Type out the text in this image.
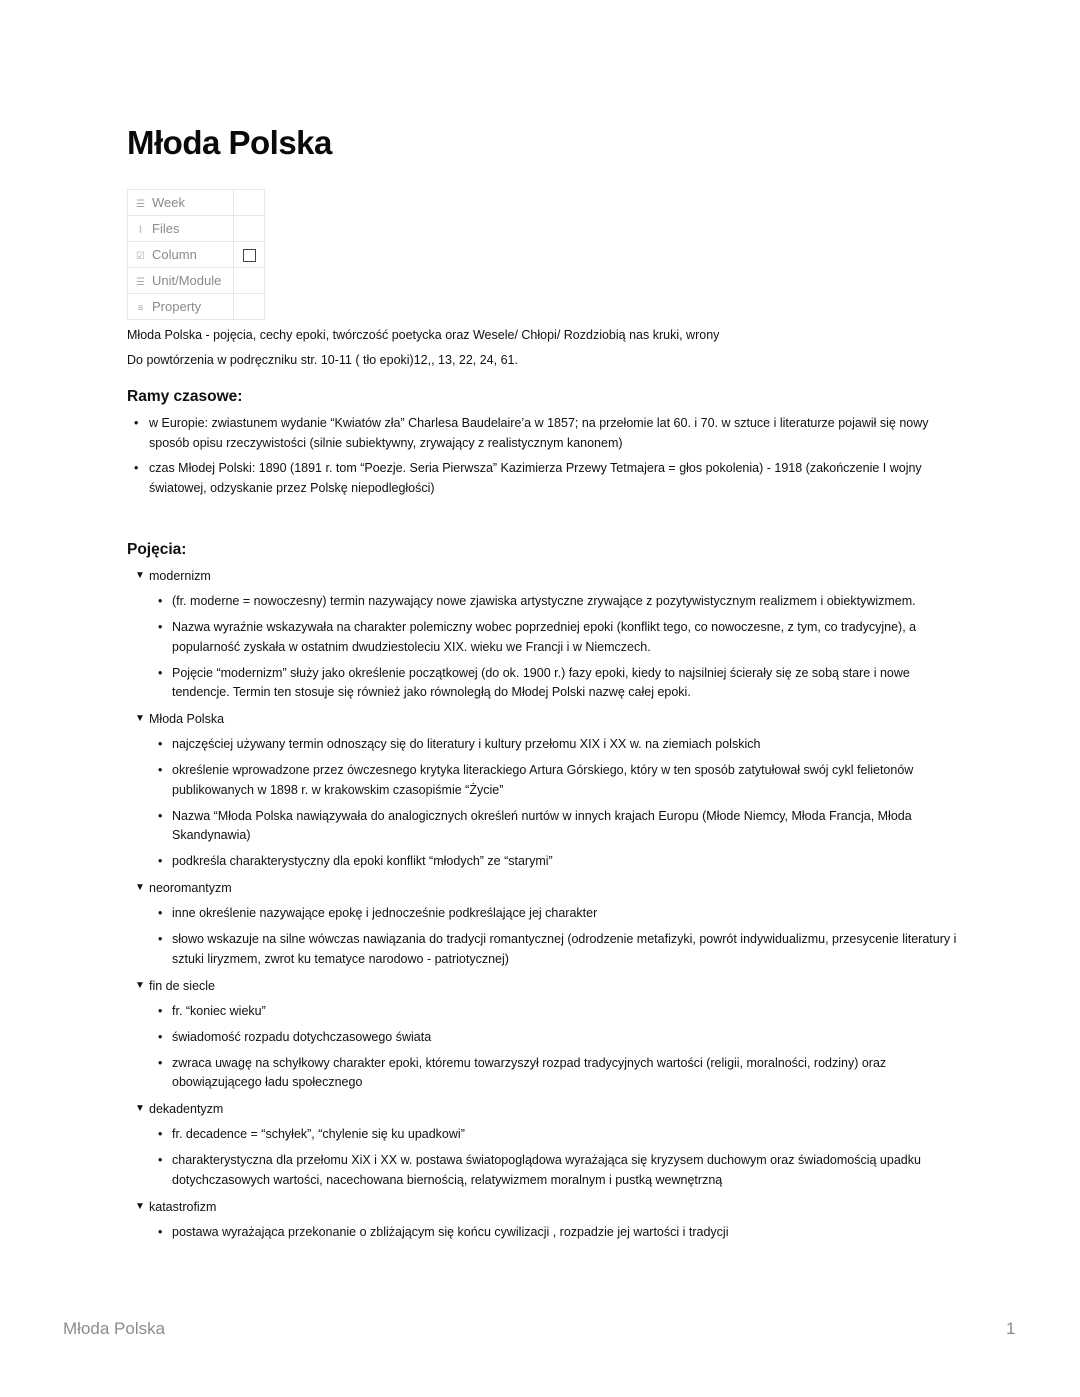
Młoda Polska
☰ Week	
⌇ Files	
☑ Column	
☰ Unit/Module	
≡ Property	

Młoda Polska - pojęcia, cechy epoki, twórczość poetycka oraz Wesele/ Chłopi/ Rozdziobią nas kruki, wrony

Do powtórzenia w podręczniku str. 10-11 ( tło epoki)12,, 13, 22, 24, 61.

Ramy czasowe:
• w Europie: zwiastunem wydanie “Kwiatów zła” Charlesa Baudelaire’a w 1857; na przełomie lat 60. i 70. w sztuce i literaturze pojawił się nowy sposób opisu rzeczywistości (silnie subiektywny, zrywający z realistycznym kanonem)
• czas Młodej Polski: 1890 (1891 r. tom “Poezje. Seria Pierwsza” Kazimierza Przewy Tetmajera = głos pokolenia) - 1918 (zakończenie I wojny światowej, odzyskanie przez Polskę niepodległości)
Pojęcia:
▼ modernizm
• (fr. moderne = nowoczesny) termin nazywający nowe zjawiska artystyczne zrywające z pozytywistycznym realizmem i obiektywizmem.
• Nazwa wyraźnie wskazywała na charakter polemiczny wobec poprzedniej epoki (konflikt tego, co nowoczesne, z tym, co tradycyjne), a popularność zyskała w ostatnim dwudziestoleciu XIX. wieku we Francji i w Niemczech.
• Pojęcie “modernizm” służy jako określenie początkowej (do ok. 1900 r.) fazy epoki, kiedy to najsilniej ścierały się ze sobą stare i nowe tendencje. Termin ten stosuje się również jako równoległą do Młodej Polski nazwę całej epoki.
▼ Młoda Polska
• najczęściej używany termin odnoszący się do literatury i kultury przełomu XIX i XX w. na ziemiach polskich
• określenie wprowadzone przez ówczesnego krytyka literackiego Artura Górskiego, który w ten sposób zatytułował swój cykl felietonów publikowanych w 1898 r. w krakowskim czasopiśmie “Życie”
• Nazwa “Młoda Polska nawiązywała do analogicznych określeń nurtów w innych krajach Europu (Młode Niemcy, Młoda Francja, Młoda Skandynawia)
• podkreśla charakterystyczny dla epoki konflikt “młodych” ze “starymi”
▼ neoromantyzm
• inne określenie nazywające epokę i jednocześnie podkreślające jej charakter
• słowo wskazuje na silne wówczas nawiązania do tradycji romantycznej (odrodzenie metafizyki, powrót indywidualizmu, przesycenie literatury i sztuki liryzmem, zwrot ku tematyce narodowo - patriotycznej)
▼ fin de siecle
• fr. “koniec wieku”
• świadomość rozpadu dotychczasowego świata
• zwraca uwagę na schyłkowy charakter epoki, któremu towarzyszył rozpad tradycyjnych wartości (religii, moralności, rodziny) oraz obowiązującego ładu społecznego
▼ dekadentyzm
• fr. decadence = “schyłek”, “chylenie się ku upadkowi”
• charakterystyczna dla przełomu XiX i XX w. postawa światopoglądowa wyrażająca się kryzysem duchowym oraz świadomością upadku dotychczasowych wartości, nacechowana biernością, relatywizmem moralnym i pustką wewnętrzną
▼ katastrofizm
• postawa wyrażająca przekonanie o zbliżającym się końcu cywilizacji , rozpadzie jej wartości i tradycji
Młoda Polska	1
